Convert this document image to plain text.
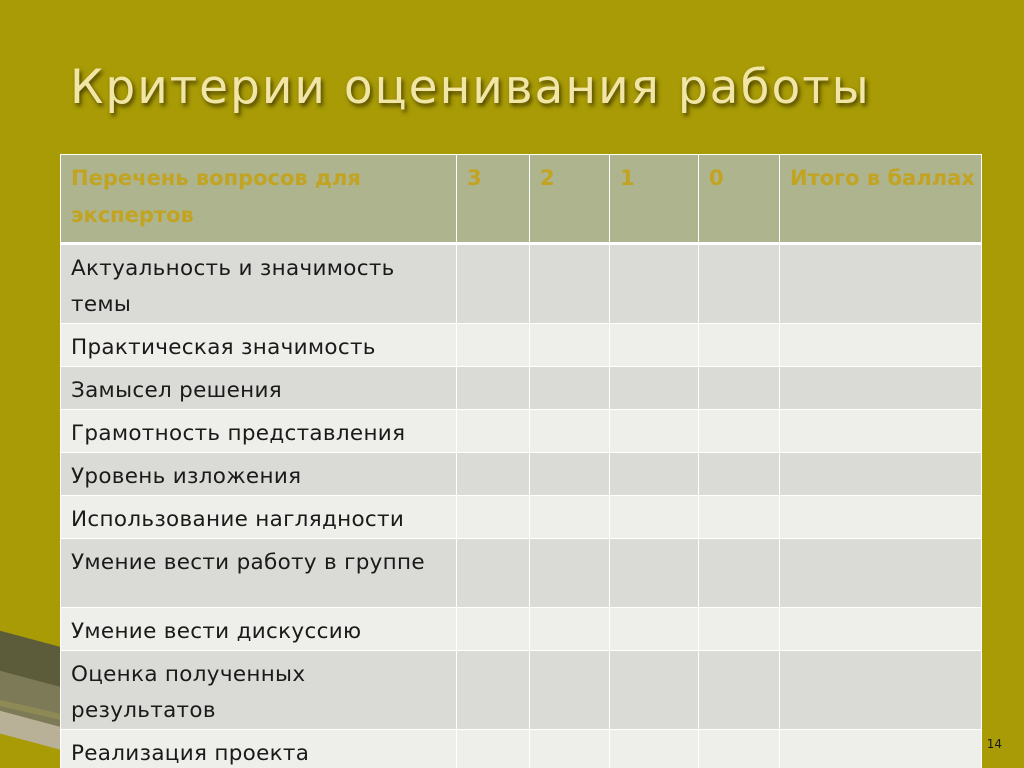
Критерии оценивания работы
Перечень вопросов для экспертов	3	2	1	0	Итого в баллах
Актуальность и значимость темы					
Практическая значимость					
Замысел решения					
Грамотность представления					
Уровень изложения					
Использование наглядности					
Умение вести работу в группе					
Умение вести дискуссию					
Оценка полученных результатов					
Реализация проекта						14
